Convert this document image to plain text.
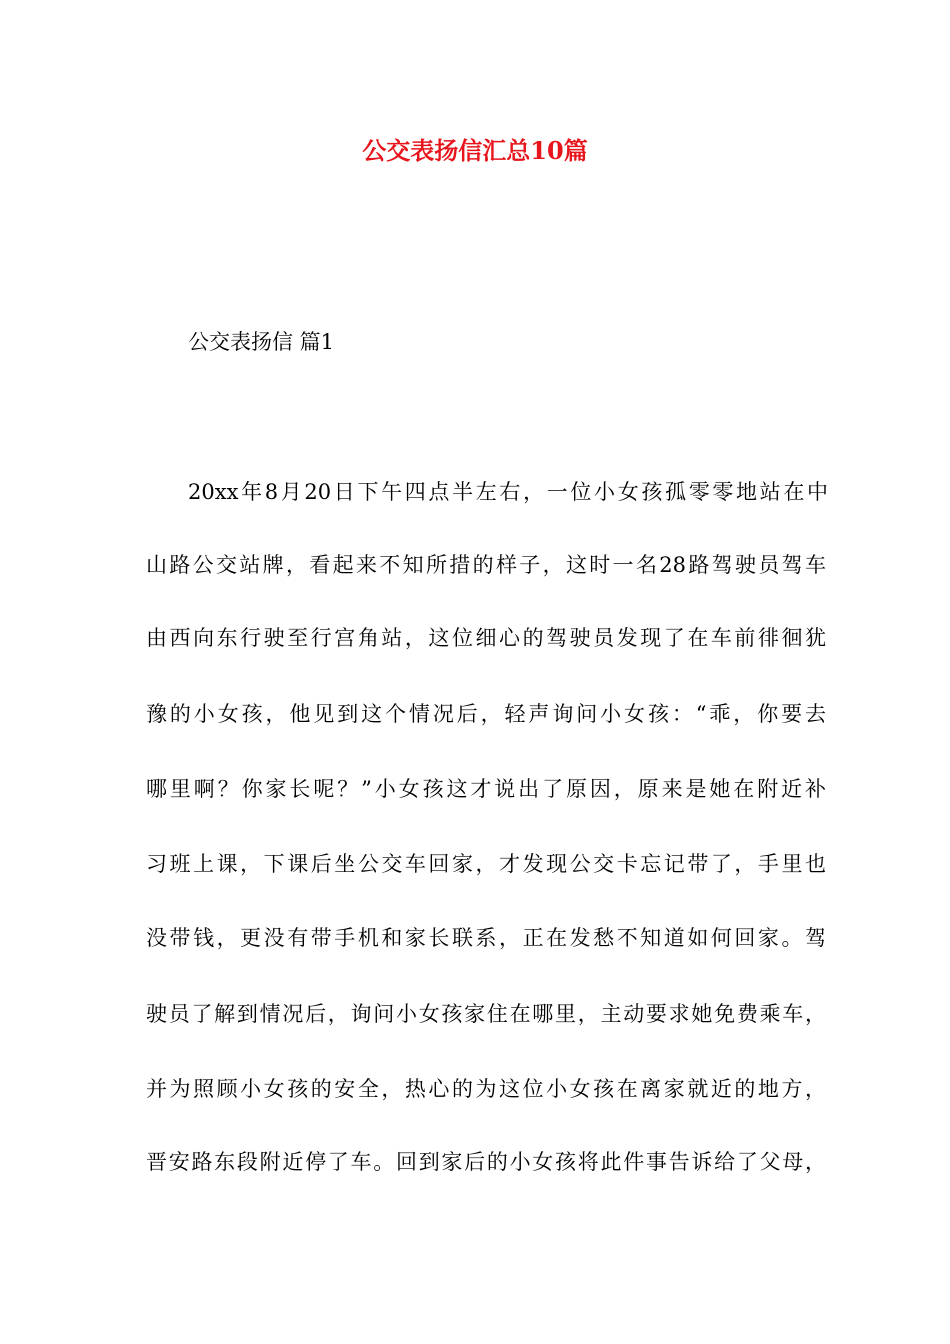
公交表扬信汇总10篇

公交表扬信 篇1

20xx年8月20日下午四点半左右，一位小女孩孤零零地站在中

山路公交站牌，看起来不知所措的样子，这时一名28路驾驶员驾车

由西向东行驶至行宫角站，这位细心的驾驶员发现了在车前徘徊犹

豫的小女孩，他见到这个情况后，轻声询问小女孩：“乖，你要去

哪里啊？你家长呢？”小女孩这才说出了原因，原来是她在附近补

习班上课，下课后坐公交车回家，才发现公交卡忘记带了，手里也

没带钱，更没有带手机和家长联系，正在发愁不知道如何回家。驾

驶员了解到情况后，询问小女孩家住在哪里，主动要求她免费乘车，

并为照顾小女孩的安全，热心的为这位小女孩在离家就近的地方，

晋安路东段附近停了车。回到家后的小女孩将此件事告诉给了父母，
